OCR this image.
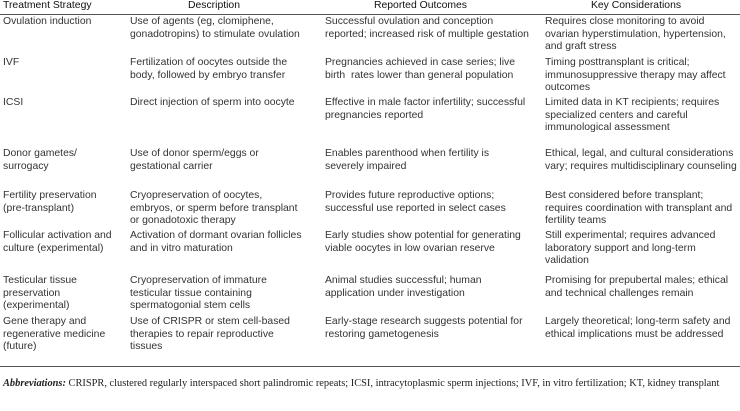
Treatment Strategy	Description	Reported Outcomes	Key Considerations
Ovulation induction	Use of agents (eg, clomiphene, gonadotropins) to stimulate ovulation	Successful ovulation and conception reported; increased risk of multiple gestation	Requires close monitoring to avoid ovarian hyperstimulation, hypertension, and graft stress
IVF	Fertilization of oocytes outside the body, followed by embryo transfer	Pregnancies achieved in case series; live birth  rates lower than general population	Timing posttransplant is critical; immunosuppressive therapy may affect outcomes
ICSI	Direct injection of sperm into oocyte	Effective in male factor infertility; successful pregnancies reported	Limited data in KT recipients; requires specialized centers and careful immunological assessment
Donor gametes/ surrogacy	Use of donor sperm/eggs or gestational carrier	Enables parenthood when fertility is severely impaired	Ethical, legal, and cultural considerations  vary; requires multidisciplinary counseling
Fertility preservation (pre-transplant)	Cryopreservation of oocytes, embryos, or sperm before transplant or gonadotoxic therapy	Provides future reproductive options; successful use reported in select cases	Best considered before transplant; requires coordination with transplant and fertility teams
Follicular activation and culture (experimental)	Activation of dormant ovarian follicles and in vitro maturation	Early studies show potential for generating viable oocytes in low ovarian reserve	Still experimental; requires advanced laboratory support and long-term validation
Testicular tissue preservation (experimental)	Cryopreservation of immature testicular tissue containing spermatogonial stem cells	Animal studies successful; human application under investigation	Promising for prepubertal males; ethical and technical challenges remain
Gene therapy and regenerative medicine (future)	Use of CRISPR or stem cell-based therapies to repair reproductive tissues	Early-stage research suggests potential for restoring gametogenesis	Largely theoretical; long-term safety and ethical implications must be addressed
Abbreviations: CRISPR, clustered regularly interspaced short palindromic repeats; ICSI, intracytoplasmic sperm injections; IVF, in vitro fertilization; KT, kidney transplant
